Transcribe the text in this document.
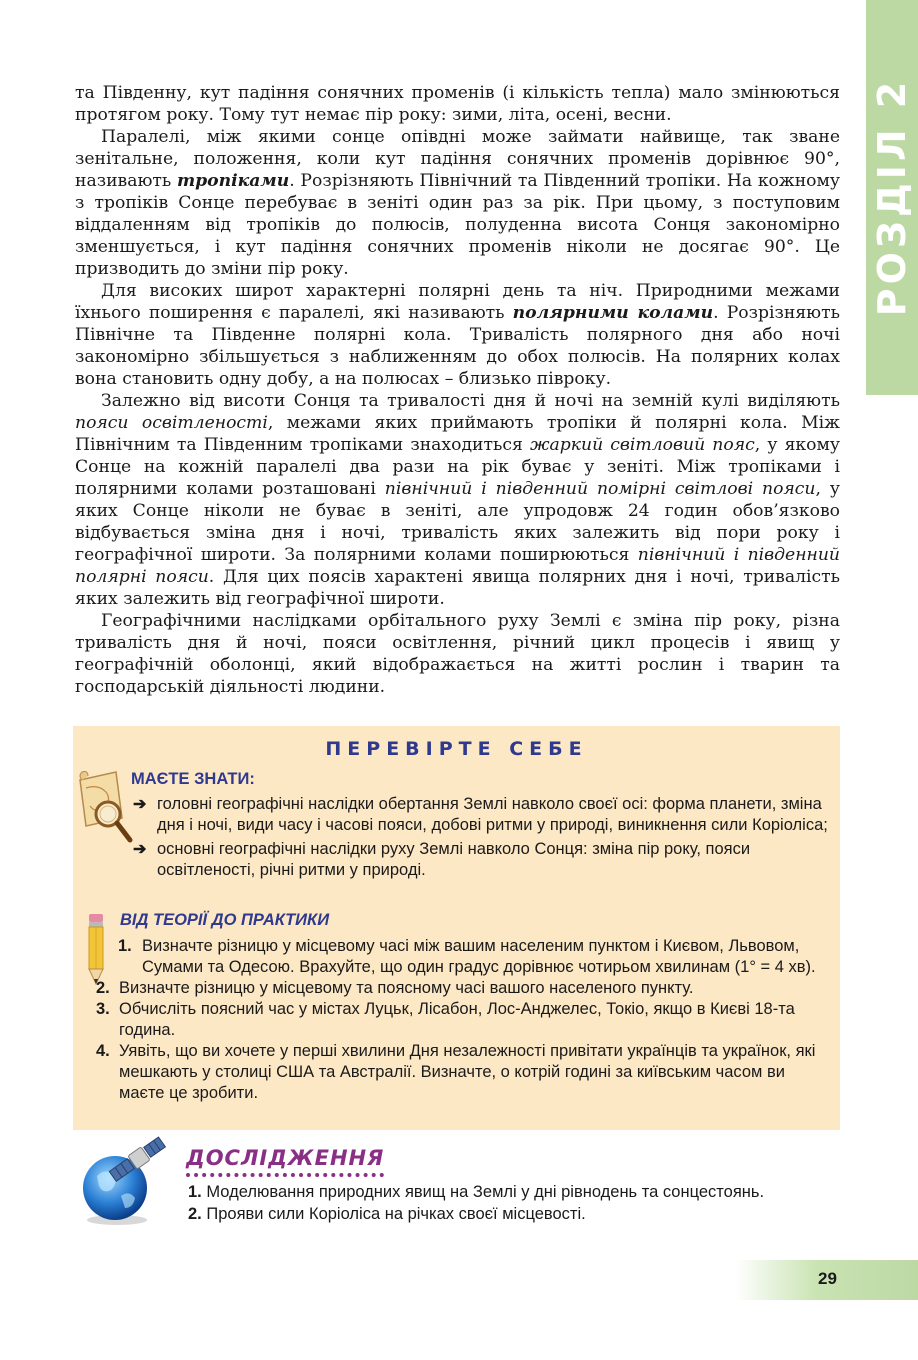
РОЗДІЛ 2

та Південну, кут падіння сонячних променів (і кількість тепла) мало змінюються протягом року. Тому тут немає пір року: зими, літа, осені, весни.

Паралелі, між якими сонце опівдні може займати найвище, так зване зенітальне, положення, коли кут падіння сонячних променів дорівнює 90°, називають тропіками. Розрізняють Північний та Південний тропіки. На кожному з тропіків Сонце перебуває в зеніті один раз за рік. При цьому, з поступовим віддаленням від тропіків до полюсів, полуденна висота Сонця закономірно зменшується, і кут падіння сонячних променів ніколи не досягає 90°. Це призводить до зміни пір року.

Для високих широт характерні полярні день та ніч. Природними межами їхнього поширення є паралелі, які називають полярними колами. Розрізняють Північне та Південне полярні кола. Тривалість полярного дня або ночі закономірно збільшується з наближенням до обох полюсів. На полярних колах вона становить одну добу, а на полюсах – близько півроку.

Залежно від висоти Сонця та тривалості дня й ночі на земній кулі виділяють пояси освітленості, межами яких приймають тропіки й полярні кола. Між Північним та Південним тропіками знаходиться жаркий світловий пояс, у якому Сонце на кожній паралелі два рази на рік буває у зеніті. Між тропіками і полярними колами розташовані північний і південний помірні світлові пояси, у яких Сонце ніколи не буває в зеніті, але упродовж 24 годин обов’язково відбувається зміна дня і ночі, тривалість яких залежить від пори року і географічної широти. За полярними колами поширюються північний і південний полярні пояси. Для цих поясів характені явища полярних дня і ночі, тривалість яких залежить від географічної широти.

Географічними наслідками орбітального руху Землі є зміна пір року, різна тривалість дня й ночі, пояси освітлення, річний цикл процесів і явищ у географічній оболонці, який відображається на житті рослин і тварин та господарській діяльності людини.

ПЕРЕВІРТЕ СЕБЕ
МАЄТЕ ЗНАТИ:
➔ головні географічні наслідки обертання Землі навколо своєї осі: форма планети, зміна дня і ночі, види часу і часові пояси, добові ритми у природі, виникнення сили Коріоліса;
➔ основні географічні наслідки руху Землі навколо Сонця: зміна пір року, пояси освітленості, річні ритми у природі.
ВІД ТЕОРІЇ ДО ПРАКТИКИ
1. Визначте різницю у місцевому часі між вашим населеним пунктом і Києвом, Львовом, Сумами та Одесою. Врахуйте, що один градус дорівнює чотирьом хвилинам (1° = 4 хв).
2. Визначте різницю у місцевому та поясному часі вашого населеного пункту.
3. Обчисліть поясний час у містах Луцьк, Лісабон, Лос-Анджелес, Токіо, якщо в Києві 18-та година.
4. Уявіть, що ви хочете у перші хвилини Дня незалежності привітати українців та українок, які мешкають у столиці США та Австралії. Визначте, о котрій годині за київським часом ви маєте це зробити.
ДОСЛІДЖЕННЯ
1. Моделювання природних явищ на Землі у дні рівнодень та сонцестоянь.
2. Прояви сили Коріоліса на річках своєї місцевості.
29
